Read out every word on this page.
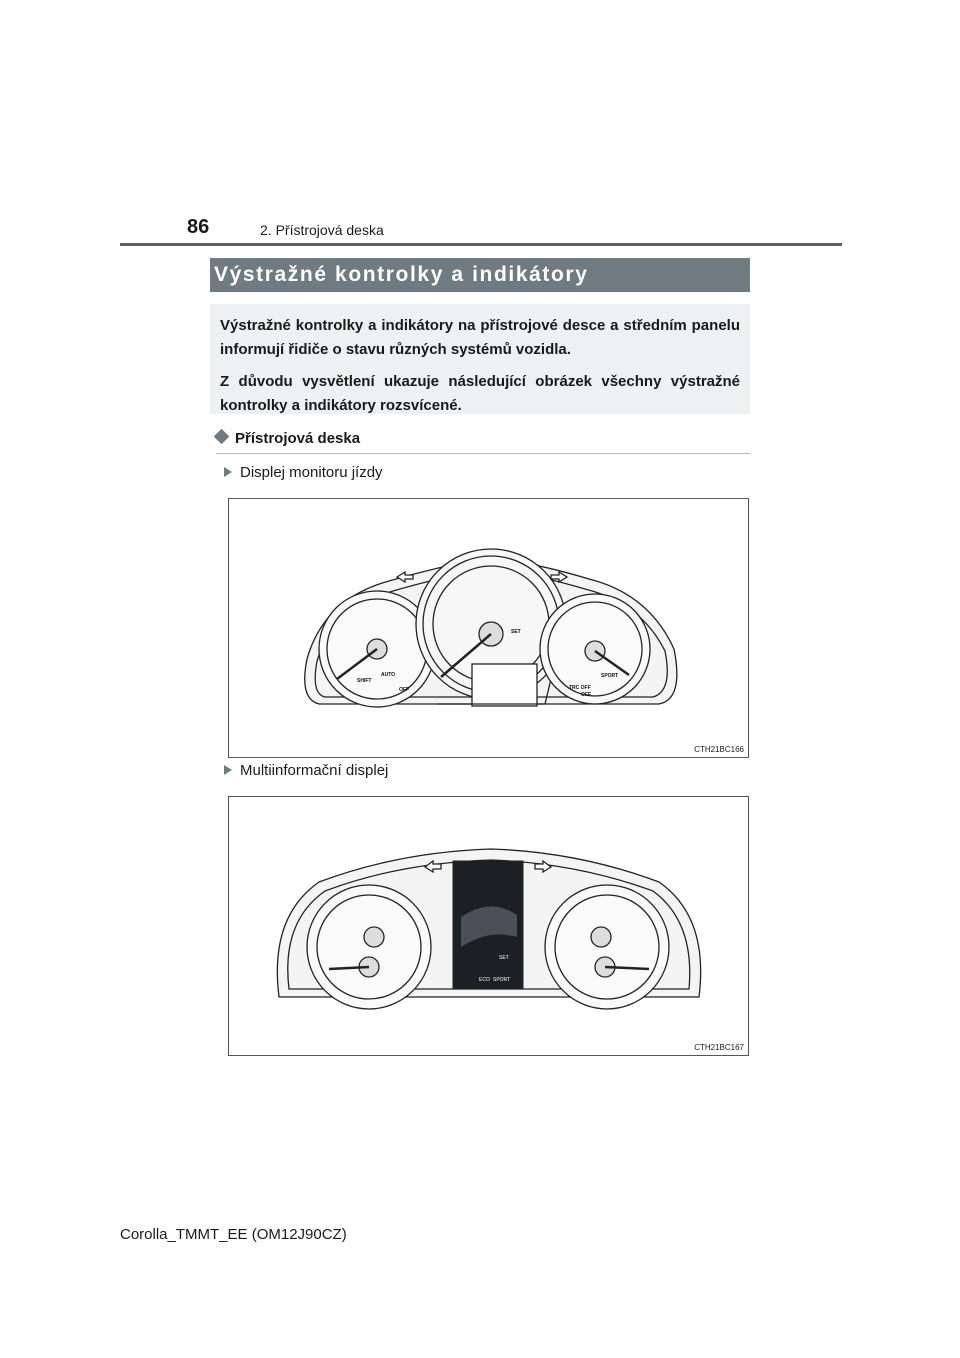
86	2. Přístrojová deska
Výstražné kontrolky a indikátory

Výstražné kontrolky a indikátory na přístrojové desce a středním panelu informují řidiče o stavu různých systémů vozidla.

Z důvodu vysvětlení ukazuje následující obrázek všechny výstražné kontrolky a indikátory rozsvícené.

Přístrojová deska
Displej monitoru jízdy
SET
SHIFT
AUTO
OFF
SPORT
TRC OFF
OFF
CTH21BC166
Multiinformační displej
SET
SPORT
ECO
CTH21BC167
Corolla_TMMT_EE (OM12J90CZ)
